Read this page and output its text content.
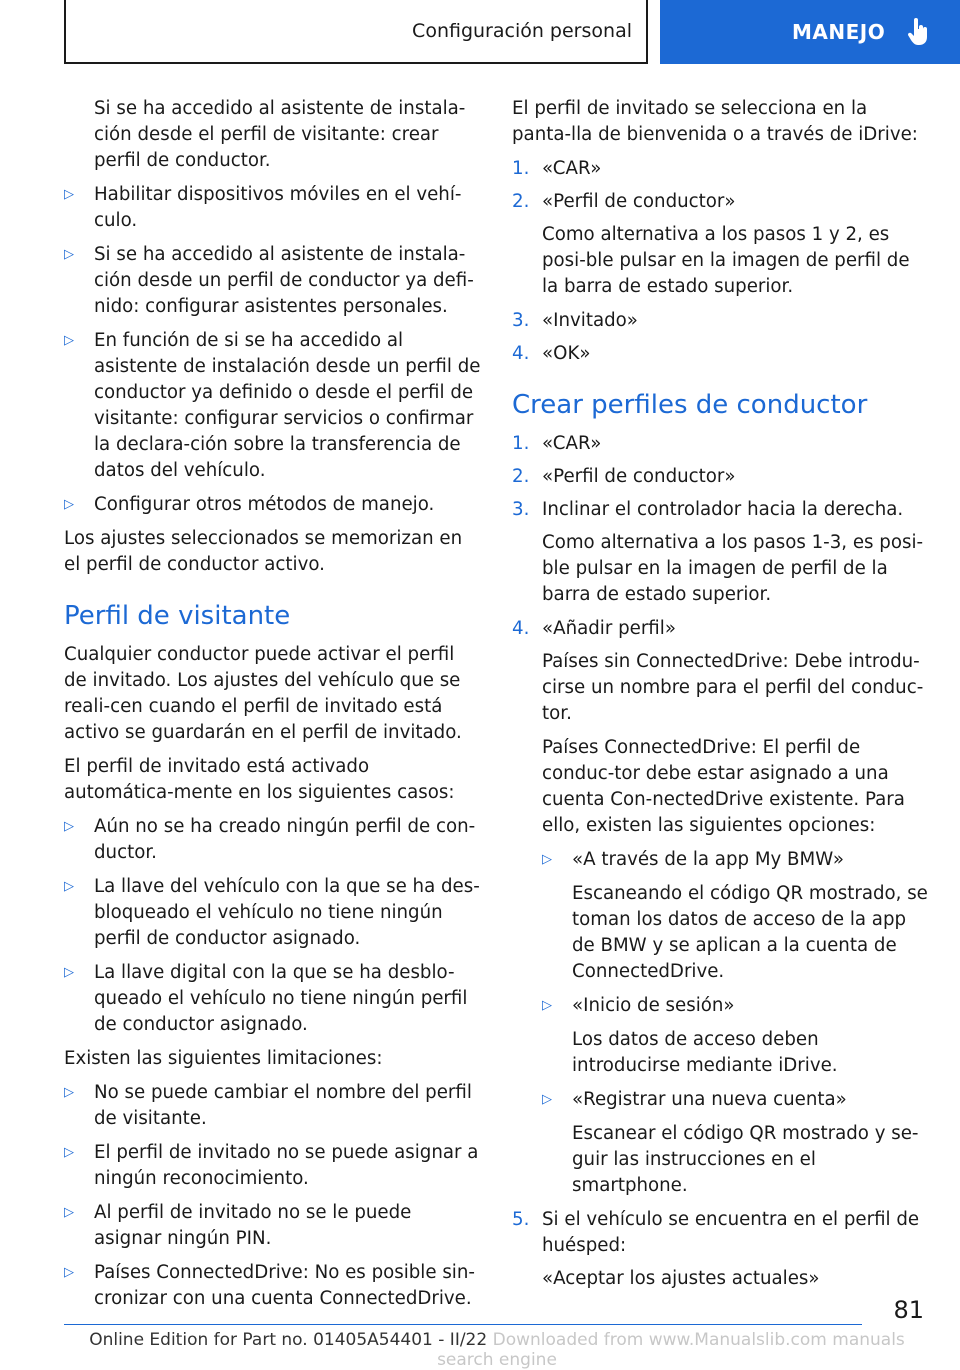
Configuración personal	MANEJO
Si se ha accedido al asistente de instala-ción desde el perfil de visitante: crear perfil de conductor.
▷	Habilitar dispositivos móviles en el vehí-culo.
▷	Si se ha accedido al asistente de instala-ción desde un perfil de conductor ya defi-nido: configurar asistentes personales.
▷	En función de si se ha accedido al asistente de instalación desde un perfil de conductor ya definido o desde el perfil de visitante: configurar servicios o confirmar la declara-ción sobre la transferencia de datos del vehículo.
▷	Configurar otros métodos de manejo.
Los ajustes seleccionados se memorizan en el perfil de conductor activo.
Perfil de visitante
Cualquier conductor puede activar el perfil de invitado. Los ajustes del vehículo que se reali-cen cuando el perfil de invitado está activo se guardarán en el perfil de invitado.
El perfil de invitado está activado automática-mente en los siguientes casos:
▷	Aún no se ha creado ningún perfil de con-ductor.
▷	La llave del vehículo con la que se ha des-bloqueado el vehículo no tiene ningún perfil de conductor asignado.
▷	La llave digital con la que se ha desblo-queado el vehículo no tiene ningún perfil de conductor asignado.
Existen las siguientes limitaciones:
▷	No se puede cambiar el nombre del perfil de visitante.
▷	El perfil de invitado no se puede asignar a ningún reconocimiento.
▷	Al perfil de invitado no se le puede asignar ningún PIN.
▷	Países ConnectedDrive: No es posible sin-cronizar con una cuenta ConnectedDrive.
El perfil de invitado se selecciona en la panta-lla de bienvenida o a través de iDrive:
1. «CAR»
2. «Perfil de conductor»
Como alternativa a los pasos 1 y 2, es posi-ble pulsar en la imagen de perfil de la barra de estado superior.
3. «Invitado»
4. «OK»
Crear perfiles de conductor
1. «CAR»
2. «Perfil de conductor»
3. Inclinar el controlador hacia la derecha.
Como alternativa a los pasos 1-3, es posi-ble pulsar en la imagen de perfil de la barra de estado superior.
4. «Añadir perfil»
Países sin ConnectedDrive: Debe introdu-cirse un nombre para el perfil del conduc-tor.
Países ConnectedDrive: El perfil de conduc-tor debe estar asignado a una cuenta Con-nectedDrive existente. Para ello, existen las siguientes opciones:
▷	«A través de la app My BMW»
Escaneando el código QR mostrado, se toman los datos de acceso de la app de BMW y se aplican a la cuenta de ConnectedDrive.
▷	«Inicio de sesión»
Los datos de acceso deben introducirse mediante iDrive.
▷	«Registrar una nueva cuenta»
Escanear el código QR mostrado y se-guir las instrucciones en el smartphone.
5. Si el vehículo se encuentra en el perfil de huésped:
«Aceptar los ajustes actuales»
81
Online Edition for Part no. 01405A54401 - II/22 Downloaded from www.Manualslib.com manuals search engine
